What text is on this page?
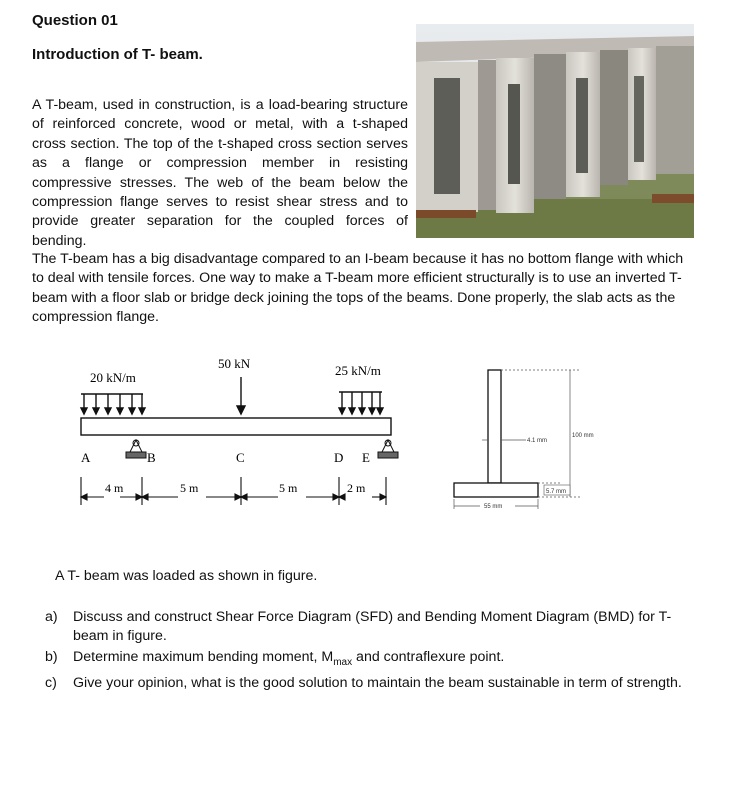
Question 01
Introduction of T- beam.
A T-beam, used in construction, is a load-bearing structure of reinforced concrete, wood or metal, with a t-shaped cross section. The top of the t-shaped cross section serves as a flange or compression member in resisting compressive stresses. The web of the beam below the compression flange serves to resist shear stress and to provide greater separation for the coupled forces of bending.
The T-beam has a big disadvantage compared to an I-beam because it has no bottom flange with which to deal with tensile forces. One way to make a T-beam more efficient structurally is to use an inverted T-beam with a floor slab or bridge deck joining the tops of the beams. Done properly, the slab acts as the compression flange.
20 kN/m
50 kN	25 kN/m
A	B	C	D E
4 m	5 m	5 m	2 m
100 mm
4.1 mm
55 mm
5.7 mm
A T- beam was loaded as shown in figure.
a) Discuss and construct Shear Force Diagram (SFD) and Bending Moment Diagram (BMD) for T- beam in figure.
b) Determine maximum bending moment, $M_{max}$ and contraflexure point.
c) Give your opinion, what is the good solution to maintain the beam sustainable in term of strength.
